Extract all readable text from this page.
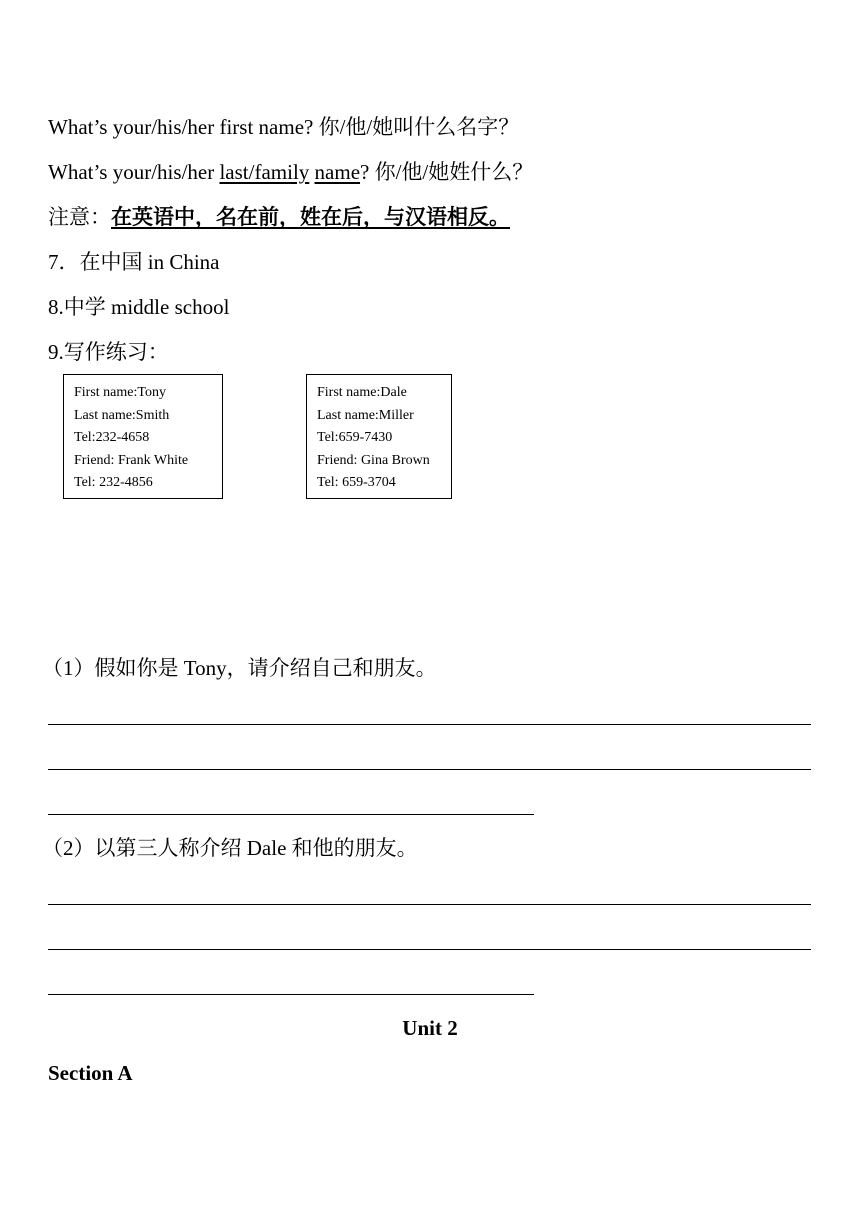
What’s your/his/her first name? 你/他/她叫什么名字？
What’s your/his/her last/family name? 你/他/她姓什么？
注意：在英语中，名在前，姓在后，与汉语相反。
7．在中国 in China
8.中学 middle school
9.写作练习：
First name:Tony
Last name:Smith
Tel:232-4658
Friend: Frank White
Tel: 232-4856
First name:Dale
Last name:Miller
Tel:659-7430
Friend: Gina Brown
Tel: 659-3704
（1）假如你是 Tony，请介绍自己和朋友。
（2）以第三人称介绍 Dale 和他的朋友。
Unit 2
Section A
